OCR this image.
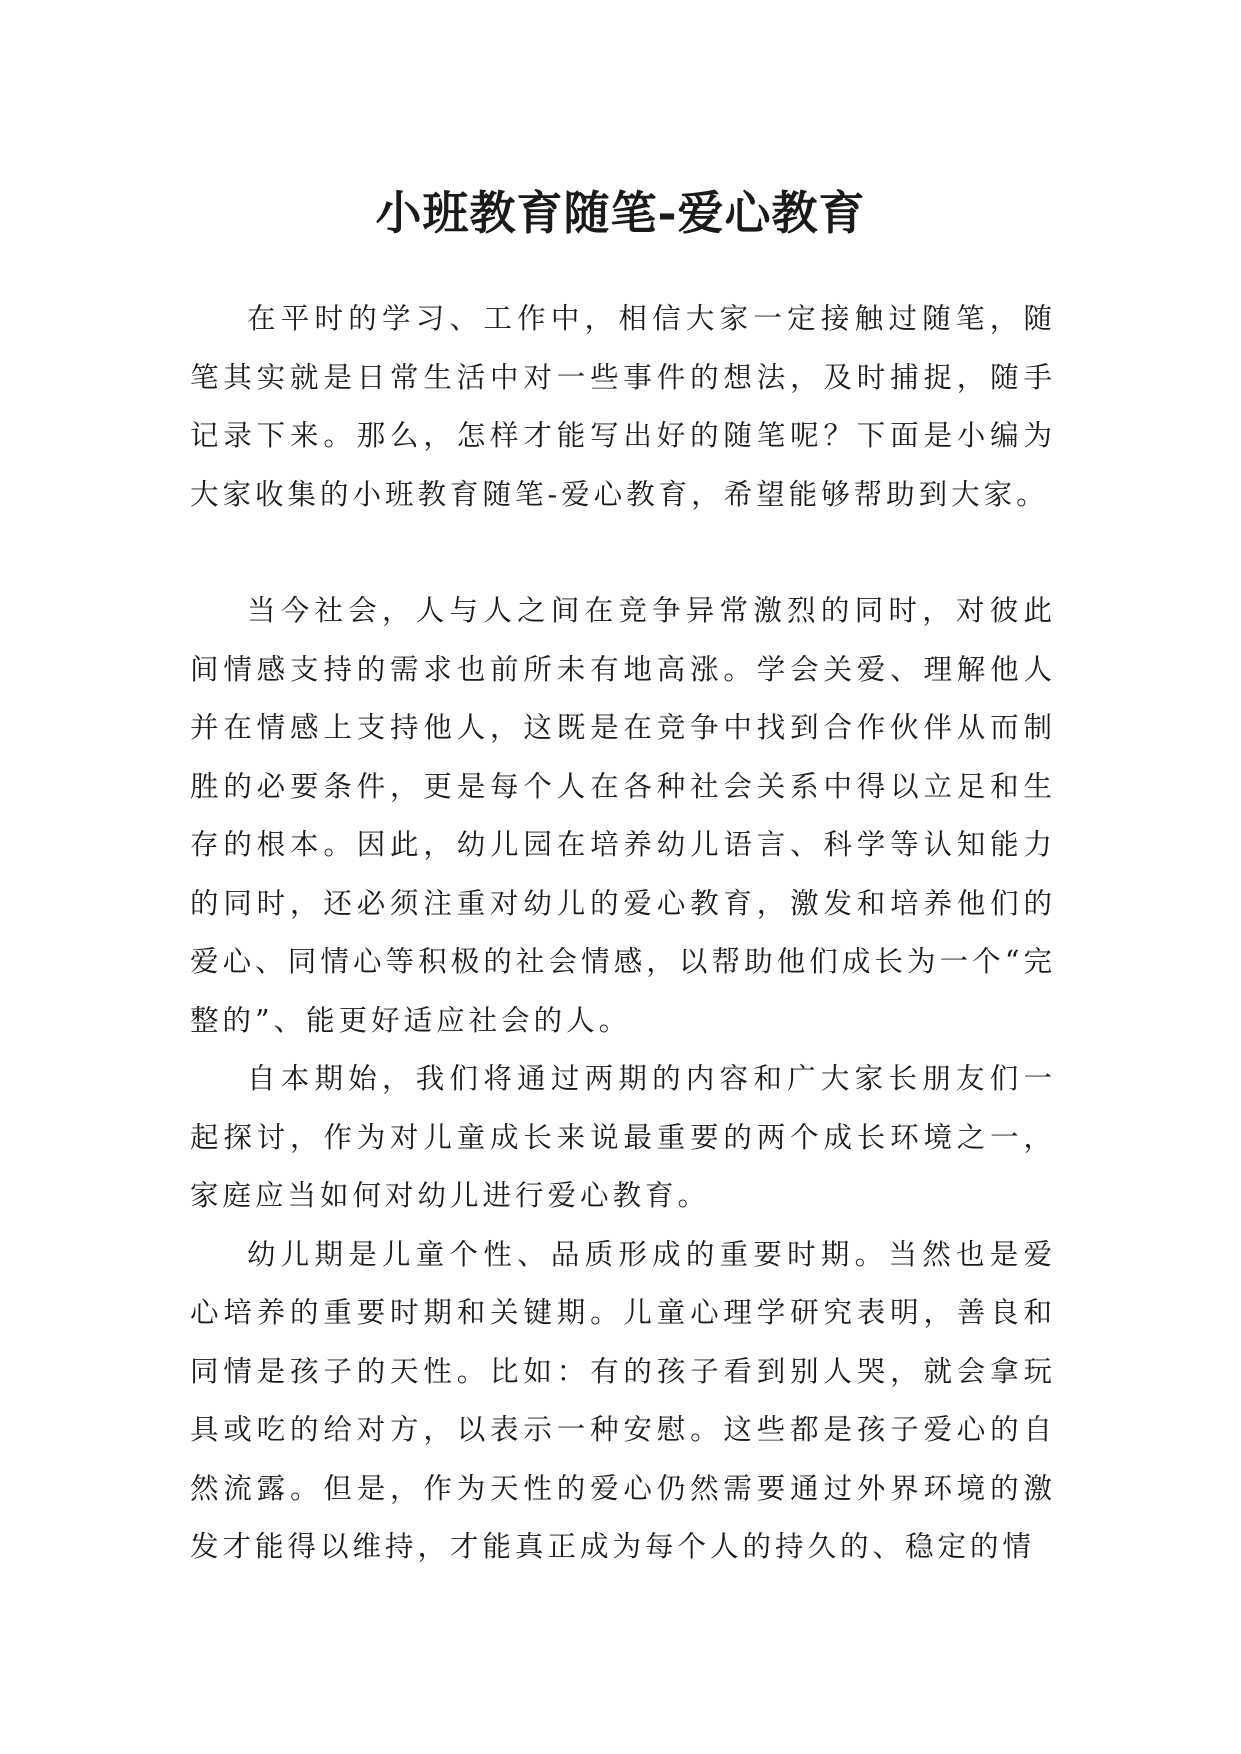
小班教育随笔-爱心教育

在平时的学习、工作中，相信大家一定接触过随笔，随笔其实就是日常生活中对一些事件的想法，及时捕捉，随手记录下来。那么，怎样才能写出好的随笔呢？下面是小编为大家收集的小班教育随笔-爱心教育，希望能够帮助到大家。

当今社会，人与人之间在竞争异常激烈的同时，对彼此间情感支持的需求也前所未有地高涨。学会关爱、理解他人并在情感上支持他人，这既是在竞争中找到合作伙伴从而制胜的必要条件，更是每个人在各种社会关系中得以立足和生存的根本。因此，幼儿园在培养幼儿语言、科学等认知能力的同时，还必须注重对幼儿的爱心教育，激发和培养他们的爱心、同情心等积极的社会情感，以帮助他们成长为一个“完整的”、能更好适应社会的人。

自本期始，我们将通过两期的内容和广大家长朋友们一起探讨，作为对儿童成长来说最重要的两个成长环境之一，家庭应当如何对幼儿进行爱心教育。

幼儿期是儿童个性、品质形成的重要时期。当然也是爱心培养的重要时期和关键期。儿童心理学研究表明，善良和同情是孩子的天性。比如：有的孩子看到别人哭，就会拿玩具或吃的给对方，以表示一种安慰。这些都是孩子爱心的自然流露。但是，作为天性的爱心仍然需要通过外界环境的激发才能得以维持，才能真正成为每个人的持久的、稳定的情
